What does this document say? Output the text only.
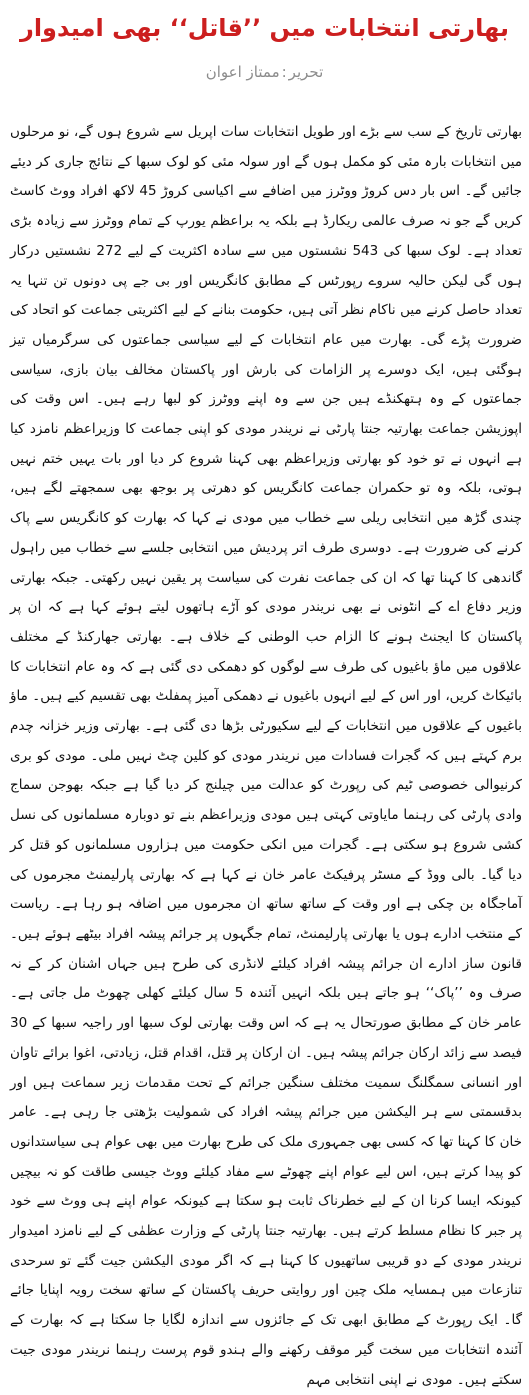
بھارتی انتخابات میں ’’قاتل‘‘ بھی امیدوار
تحریر:ممتاز اعوان

بھارتی تاریخ کے سب سے بڑے اور طویل انتخابات سات اپریل سے شروع ہوں گے، نو مرحلوں میں انتخابات بارہ مئی کو مکمل ہوں گے اور سولہ مئی کو لوک سبھا کے نتائج جاری کر دیئے جائیں گے۔ اس بار دس کروڑ ووٹرز میں اضافے سے اکیاسی کروڑ 45 لاکھ افراد ووٹ کاسٹ کریں گے جو نہ صرف عالمی ریکارڈ ہے بلکہ یہ براعظم یورپ کے تمام ووٹرز سے زیادہ بڑی تعداد ہے۔ لوک سبھا کی 543 نشستوں میں سے سادہ اکثریت کے لیے 272 نشستیں درکار ہوں گی لیکن حالیہ سروے رپورٹس کے مطابق کانگریس اور بی جے پی دونوں تن تنہا یہ تعداد حاصل کرنے میں ناکام نظر آتی ہیں، حکومت بنانے کے لیے اکثریتی جماعت کو اتحاد کی ضرورت پڑے گی۔ بھارت میں عام انتخابات کے لیے سیاسی جماعتوں کی سرگرمیاں تیز ہوگئی ہیں، ایک دوسرے پر الزامات کی بارش اور پاکستان مخالف بیان بازی، سیاسی جماعتوں کے وہ ہتھکنڈے ہیں جن سے وہ اپنے ووٹرز کو لبھا رہے ہیں۔ اس وقت کی اپوزیشن جماعت بھارتیہ جنتا پارٹی نے نریندر مودی کو اپنی جماعت کا وزیراعظم نامزد کیا ہے انہوں نے تو خود کو بھارتی وزیراعظم بھی کہنا شروع کر دیا اور بات یہیں ختم نہیں ہوتی، بلکہ وہ تو حکمران جماعت کانگریس کو دھرتی پر بوجھ بھی سمجھتے لگے ہیں، چندی گڑھ میں انتخابی ریلی سے خطاب میں مودی نے کہا کہ بھارت کو کانگریس سے پاک کرنے کی ضرورت ہے۔ دوسری طرف اتر پردیش میں انتخابی جلسے سے خطاب میں راہول گاندھی کا کہنا تھا کہ ان کی جماعت نفرت کی سیاست پر یقین نہیں رکھتی۔ جبکہ بھارتی وزیر دفاع اے کے انٹونی نے بھی نریندر مودی کو آڑے ہاتھوں لیتے ہوئے کہا ہے کہ ان پر پاکستان کا ایجنٹ ہونے کا الزام حب الوطنی کے خلاف ہے۔ بھارتی جھارکنڈ کے مختلف علاقوں میں ماؤ باغیوں کی طرف سے لوگوں کو دھمکی دی گئی ہے کہ وہ عام انتخابات کا بائیکاٹ کریں، اور اس کے لیے انہوں باغیوں نے دھمکی آمیز پمفلٹ بھی تقسیم کیے ہیں۔ ماؤ باغیوں کے علاقوں میں انتخابات کے لیے سکیورٹی بڑھا دی گئی ہے۔ بھارتی وزیر خزانہ چدم برم کہتے ہیں کہ گجرات فسادات میں نریندر مودی کو کلین چٹ نہیں ملی۔ مودی کو بری کرنیوالی خصوصی ٹیم کی رپورٹ کو عدالت میں چیلنج کر دیا گیا ہے جبکہ بھوجن سماج وادی پارٹی کی رہنما مایاوتی کہتی ہیں مودی وزیراعظم بنے تو دوبارہ مسلمانوں کی نسل کشی شروع ہو سکتی ہے۔ گجرات میں انکی حکومت میں ہزاروں مسلمانوں کو قتل کر دیا گیا۔ بالی ووڈ کے مسٹر پرفیکٹ عامر خان نے کہا ہے کہ بھارتی پارلیمنٹ مجرموں کی آماجگاہ بن چکی ہے اور وقت کے ساتھ ساتھ ان مجرموں میں اضافہ ہو رہا ہے۔ ریاست کے منتخب ادارے ہوں یا بھارتی پارلیمنٹ، تمام جگہوں پر جرائم پیشہ افراد بیٹھے ہوئے ہیں۔ قانون ساز ادارے ان جرائم پیشہ افراد کیلئے لانڈری کی طرح ہیں جہاں اشنان کر کے نہ صرف وہ ’’پاک‘‘ ہو جاتے ہیں بلکہ انہیں آئندہ 5 سال کیلئے کھلی چھوٹ مل جاتی ہے۔ عامر خان کے مطابق صورتحال یہ ہے کہ اس وقت بھارتی لوک سبھا اور راجیہ سبھا کے 30 فیصد سے زائد ارکان جرائم پیشہ ہیں۔ ان ارکان پر قتل، اقدام قتل، زیادتی، اغوا برائے تاوان اور انسانی سمگلنگ سمیت مختلف سنگین جرائم کے تحت مقدمات زیر سماعت ہیں اور بدقسمتی سے ہر الیکشن میں جرائم پیشہ افراد کی شمولیت بڑھتی جا رہی ہے۔ عامر خان کا کہنا تھا کہ کسی بھی جمہوری ملک کی طرح بھارت میں بھی عوام ہی سیاستدانوں کو پیدا کرتے ہیں، اس لیے عوام اپنے چھوٹے سے مفاد کیلئے ووٹ جیسی طاقت کو نہ بیچیں کیونکہ ایسا کرنا ان کے لیے خطرناک ثابت ہو سکتا ہے کیونکہ عوام اپنے ہی ووٹ سے خود پر جبر کا نظام مسلط کرتے ہیں۔ بھارتیہ جنتا پارٹی کے وزارت عظمٰی کے لیے نامزد امیدوار نریندر مودی کے دو قریبی ساتھیوں کا کہنا ہے کہ اگر مودی الیکشن جیت گئے تو سرحدی تنازعات میں ہمسایہ ملک چین اور روایتی حریف پاکستان کے ساتھ سخت رویہ اپنایا جائے گا۔ ایک رپورٹ کے مطابق ابھی تک کے جائزوں سے اندازہ لگایا جا سکتا ہے کہ بھارت کے آئندہ انتخابات میں سخت گیر موقف رکھنے والے ہندو قوم پرست رہنما نریندر مودی جیت سکتے ہیں۔ مودی نے اپنی انتخابی مہم
